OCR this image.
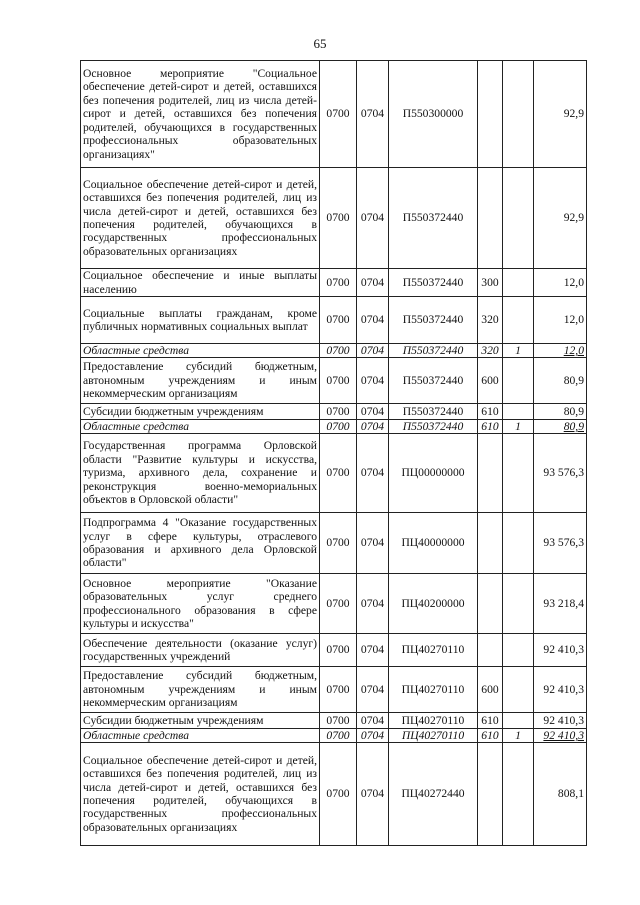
65
Основное мероприятие "Социальное обеспечение детей-сирот и детей, оставшихся без попечения родителей, лиц из числа детей-сирот и детей, оставшихся без попечения родителей, обучающихся в государственных профессиональных образовательных организациях"	0700	0704	П550300000			92,9
Социальное обеспечение детей-сирот и детей, оставшихся без попечения родителей, лиц из числа детей-сирот и детей, оставшихся без попечения родителей, обучающихся в государственных профессиональных образовательных организациях	0700	0704	П550372440			92,9
Социальное обеспечение и иные выплаты населению	0700	0704	П550372440	300		12,0
Социальные выплаты гражданам, кроме публичных нормативных социальных выплат	0700	0704	П550372440	320		12,0
Областные средства	0700	0704	П550372440	320	1	12,0
Предоставление субсидий бюджетным, автономным учреждениям и иным некоммерческим организациям	0700	0704	П550372440	600		80,9
Субсидии бюджетным учреждениям	0700	0704	П550372440	610		80,9
Областные средства	0700	0704	П550372440	610	1	80,9
Государственная программа Орловской области "Развитие культуры и искусства, туризма, архивного дела, сохранение и реконструкция военно-мемориальных объектов в Орловской области"	0700	0704	ПЦ00000000			93 576,3
Подпрограмма 4 "Оказание государственных услуг в сфере культуры, отраслевого образования и архивного дела Орловской области"	0700	0704	ПЦ40000000			93 576,3
Основное мероприятие "Оказание образовательных услуг среднего профессионального образования в сфере культуры и искусства"	0700	0704	ПЦ40200000			93 218,4
Обеспечение деятельности (оказание услуг) государственных учреждений	0700	0704	ПЦ40270110			92 410,3
Предоставление субсидий бюджетным, автономным учреждениям и иным некоммерческим организациям	0700	0704	ПЦ40270110	600		92 410,3
Субсидии бюджетным учреждениям	0700	0704	ПЦ40270110	610		92 410,3
Областные средства	0700	0704	ПЦ40270110	610	1	92 410,3
Социальное обеспечение детей-сирот и детей, оставшихся без попечения родителей, лиц из числа детей-сирот и детей, оставшихся без попечения родителей, обучающихся в государственных профессиональных образовательных организациях	0700	0704	ПЦ40272440			808,1
